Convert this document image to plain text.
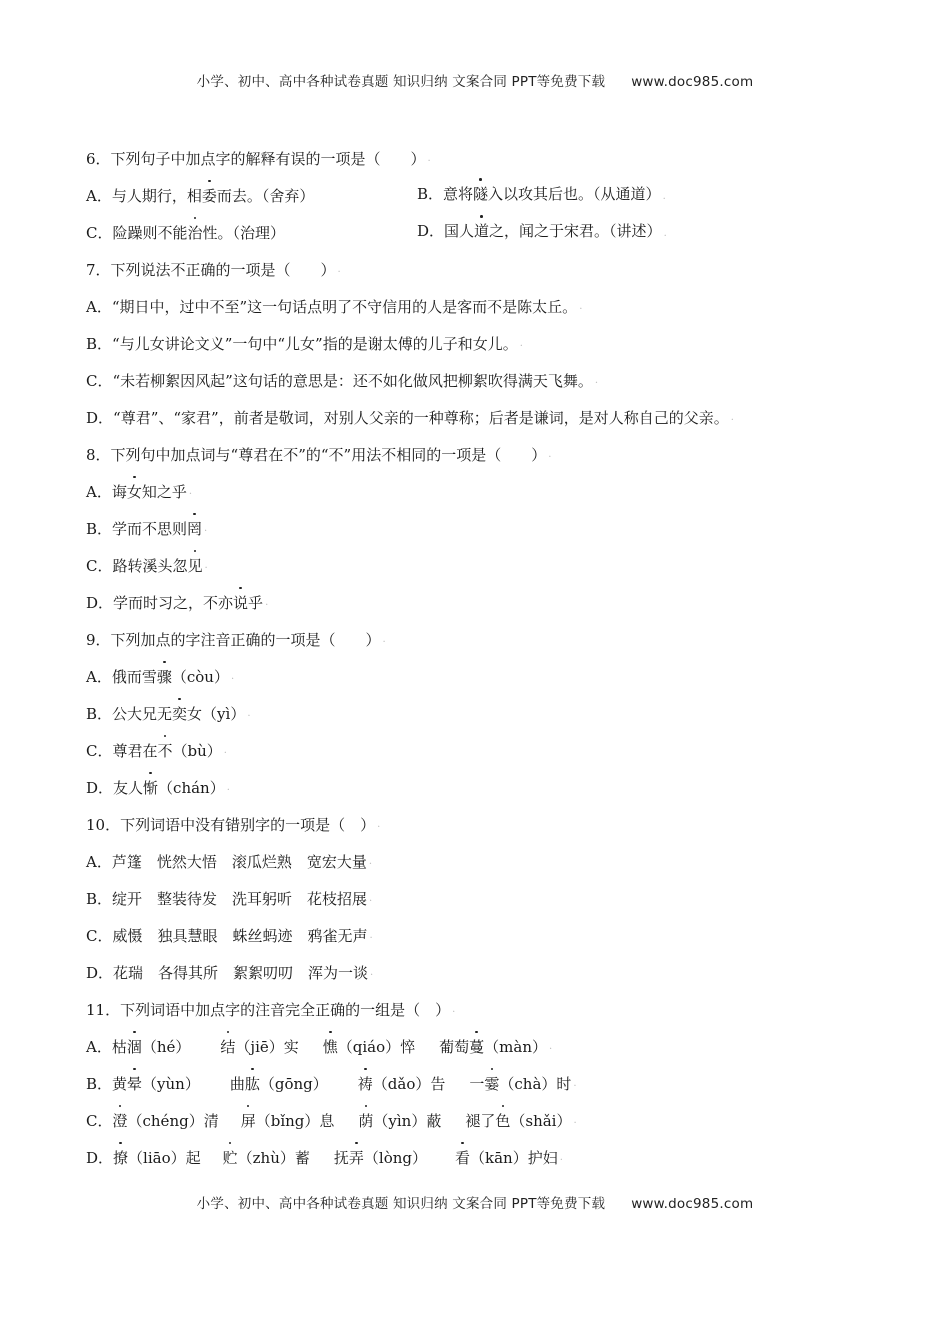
小学、初中、高中各种试卷真题 知识归纳 文案合同 PPT等免费下载 www.doc985.com
6．下列句子中加点字的解释有误的一项是（　　） .
A．与人期行，相委而去。（舍弃）	B．意将隧入以攻其后也。（从通道） .
C．险躁则不能治性。（治理）	D．国人道之，闻之于宋君。（讲述） .
7．下列说法不正确的一项是（　　） .
A．“期日中，过中不至”这一句话点明了不守信用的人是客而不是陈太丘。 .
B．“与儿女讲论文义”一句中“儿女”指的是谢太傅的儿子和女儿。 .
C．“未若柳絮因风起”这句话的意思是：还不如化做风把柳絮吹得满天飞舞。 .
D．“尊君”、“家君”，前者是敬词，对别人父亲的一种尊称；后者是谦词，是对人称自己的父亲。 .
8．下列句中加点词与“尊君在不”的“不”用法不相同的一项是（　　） .
A．诲 女 知之乎 .
B．学而不思则 罔 .
C．路转溪头忽 见 .
D．学而时习之，不亦 说 乎 .
9．下列加点的字注音正确的一项是（　　） .
A．俄而雪 骤 （còu） .
B．公大兄无 奕 女（yì） .
C．尊君在 不 （bù） .
D．友人 惭 （chán） .
10．下列词语中没有错别字的一项是（　） .
A．芦篷　恍然大悟　滚瓜烂熟　宽宏大量 .
B．绽开　整装待发　洗耳躬听　花枝招展 .
C．威慑　独具慧眼　蛛丝蚂迹　鸦雀无声 .
D．花瑞　各得其所　絮絮叨叨　浑为一谈 .
11．下列词语中加点字的注音完全正确的一组是（　） .
A．枯 涸 （hé） 结 （jiē）实 憔 （qiáo）悴 葡萄 蔓 （màn） .
B．黄 晕 （yùn） 曲 肱 （gōng） 祷 （dǎo）告 一 霎 （chà）时 .
C． 澄 （chéng）清 屏 （bǐng）息 荫 （yìn）蔽 褪了 色 （shǎi） .
D． 撩 （liāo）起 贮 （zhù）蓄 抚 弄 （lòng） 看 （kān）护妇 .
小学、初中、高中各种试卷真题 知识归纳 文案合同 PPT等免费下载 www.doc985.com
